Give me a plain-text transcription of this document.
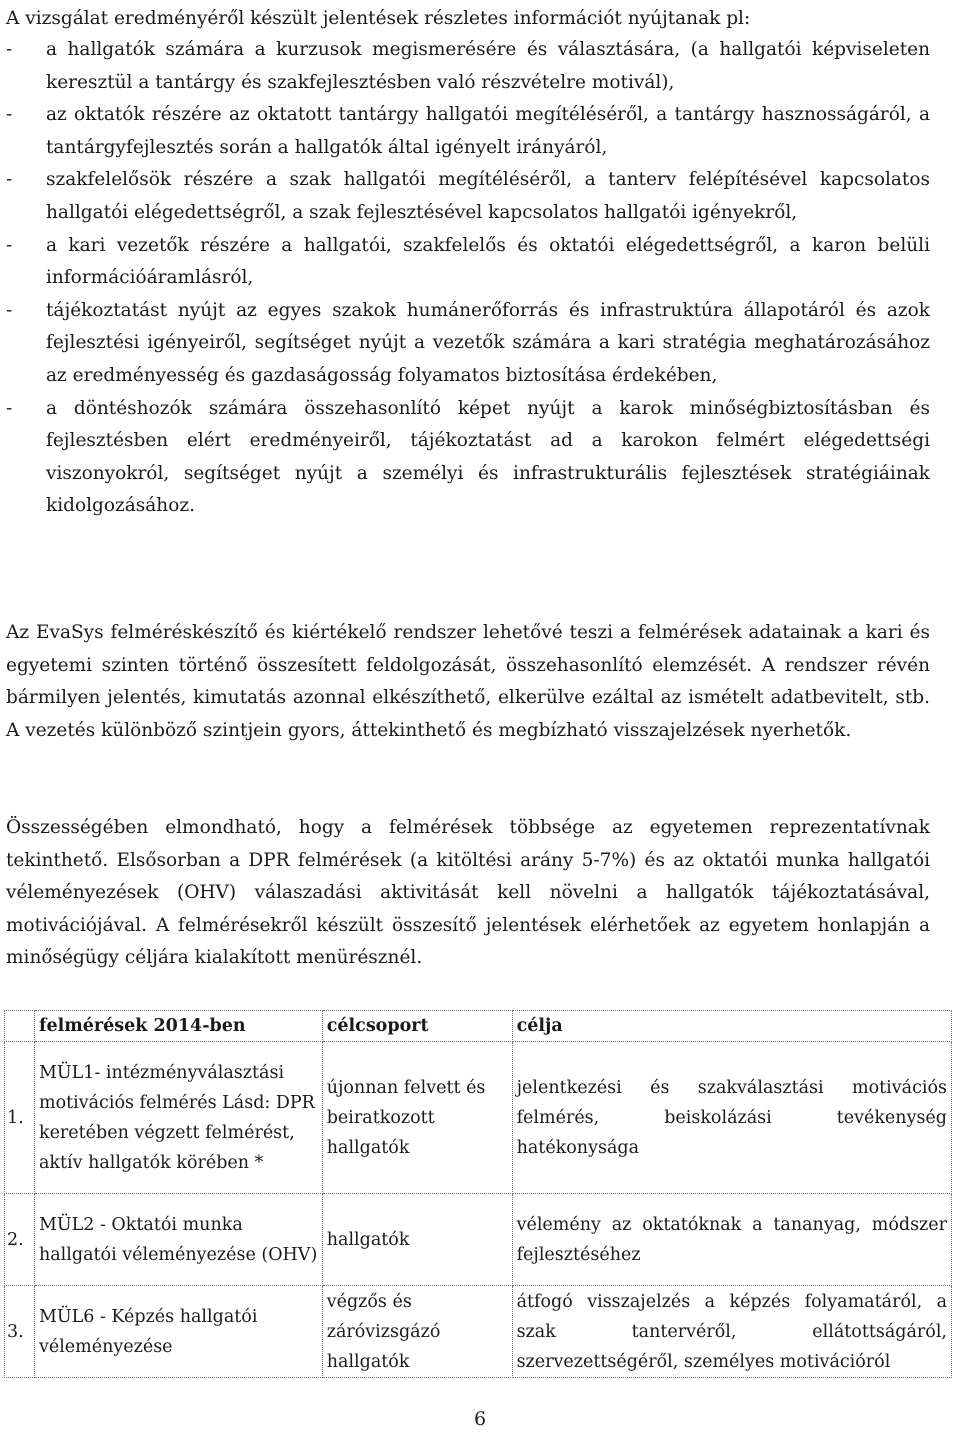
A vizsgálat eredményéről készült jelentések részletes információt nyújtanak pl:

- a hallgatók számára a kurzusok megismerésére és választására, (a hallgatói képviseleten keresztül a tantárgy és szakfejlesztésben való részvételre motivál),
- az oktatók részére az oktatott tantárgy hallgatói megítéléséről, a tantárgy hasznosságáról, a tantárgyfejlesztés során a hallgatók által igényelt irányáról,
- szakfelelősök részére a szak hallgatói megítéléséről, a tanterv felépítésével kapcsolatos hallgatói elégedettségről, a szak fejlesztésével kapcsolatos hallgatói igényekről,
- a kari vezetők részére a hallgatói, szakfelelős és oktatói elégedettségről, a karon belüli információáramlásról,
- tájékoztatást nyújt az egyes szakok humánerőforrás és infrastruktúra állapotáról és azok fejlesztési igényeiről, segítséget nyújt a vezetők számára a kari stratégia meghatározásához az eredményesség és gazdaságosság folyamatos biztosítása érdekében,
- a döntéshozók számára összehasonlító képet nyújt a karok minőségbiztosításban és fejlesztésben elért eredményeiről, tájékoztatást ad a karokon felmért elégedettségi viszonyokról, segítséget nyújt a személyi és infrastrukturális fejlesztések stratégiáinak kidolgozásához.

Az EvaSys felméréskészítő és kiértékelő rendszer lehetővé teszi a felmérések adatainak a kari és egyetemi szinten történő összesített feldolgozását, összehasonlító elemzését. A rendszer révén bármilyen jelentés, kimutatás azonnal elkészíthető, elkerülve ezáltal az ismételt adatbevitelt, stb. A vezetés különböző szintjein gyors, áttekinthető és megbízható visszajelzések nyerhetők.

Összességében elmondható, hogy a felmérések többsége az egyetemen reprezentatívnak tekinthető. Elsősorban a DPR felmérések (a kitöltési arány 5-7%) és az oktatói munka hallgatói véleményezések (OHV) válaszadási aktivitását kell növelni a hallgatók tájékoztatásával, motivációjával. A felmérésekről készült összesítő jelentések elérhetőek az egyetem honlapján a minőségügy céljára kialakított menürésznél.

	felmérések 2014-ben	célcsoport	célja
1.	MÜL1- intézményválasztási motivációs felmérés Lásd: DPR keretében végzett felmérést, aktív hallgatók körében *	újonnan felvett és beiratkozott hallgatók	jelentkezési és szakválasztási motivációs felmérés, beiskolázási tevékenység hatékonysága
2.	MÜL2 - Oktatói munka hallgatói véleményezése (OHV)	hallgatók	vélemény az oktatóknak a tananyag, módszer fejlesztéséhez
3.	MÜL6 - Képzés hallgatói véleményezése	végzős és záróvizsgázó hallgatók	átfogó visszajelzés a képzés folyamatáról, a szak tantervéről, ellátottságáról, szervezettségéről, személyes motivációról
6
